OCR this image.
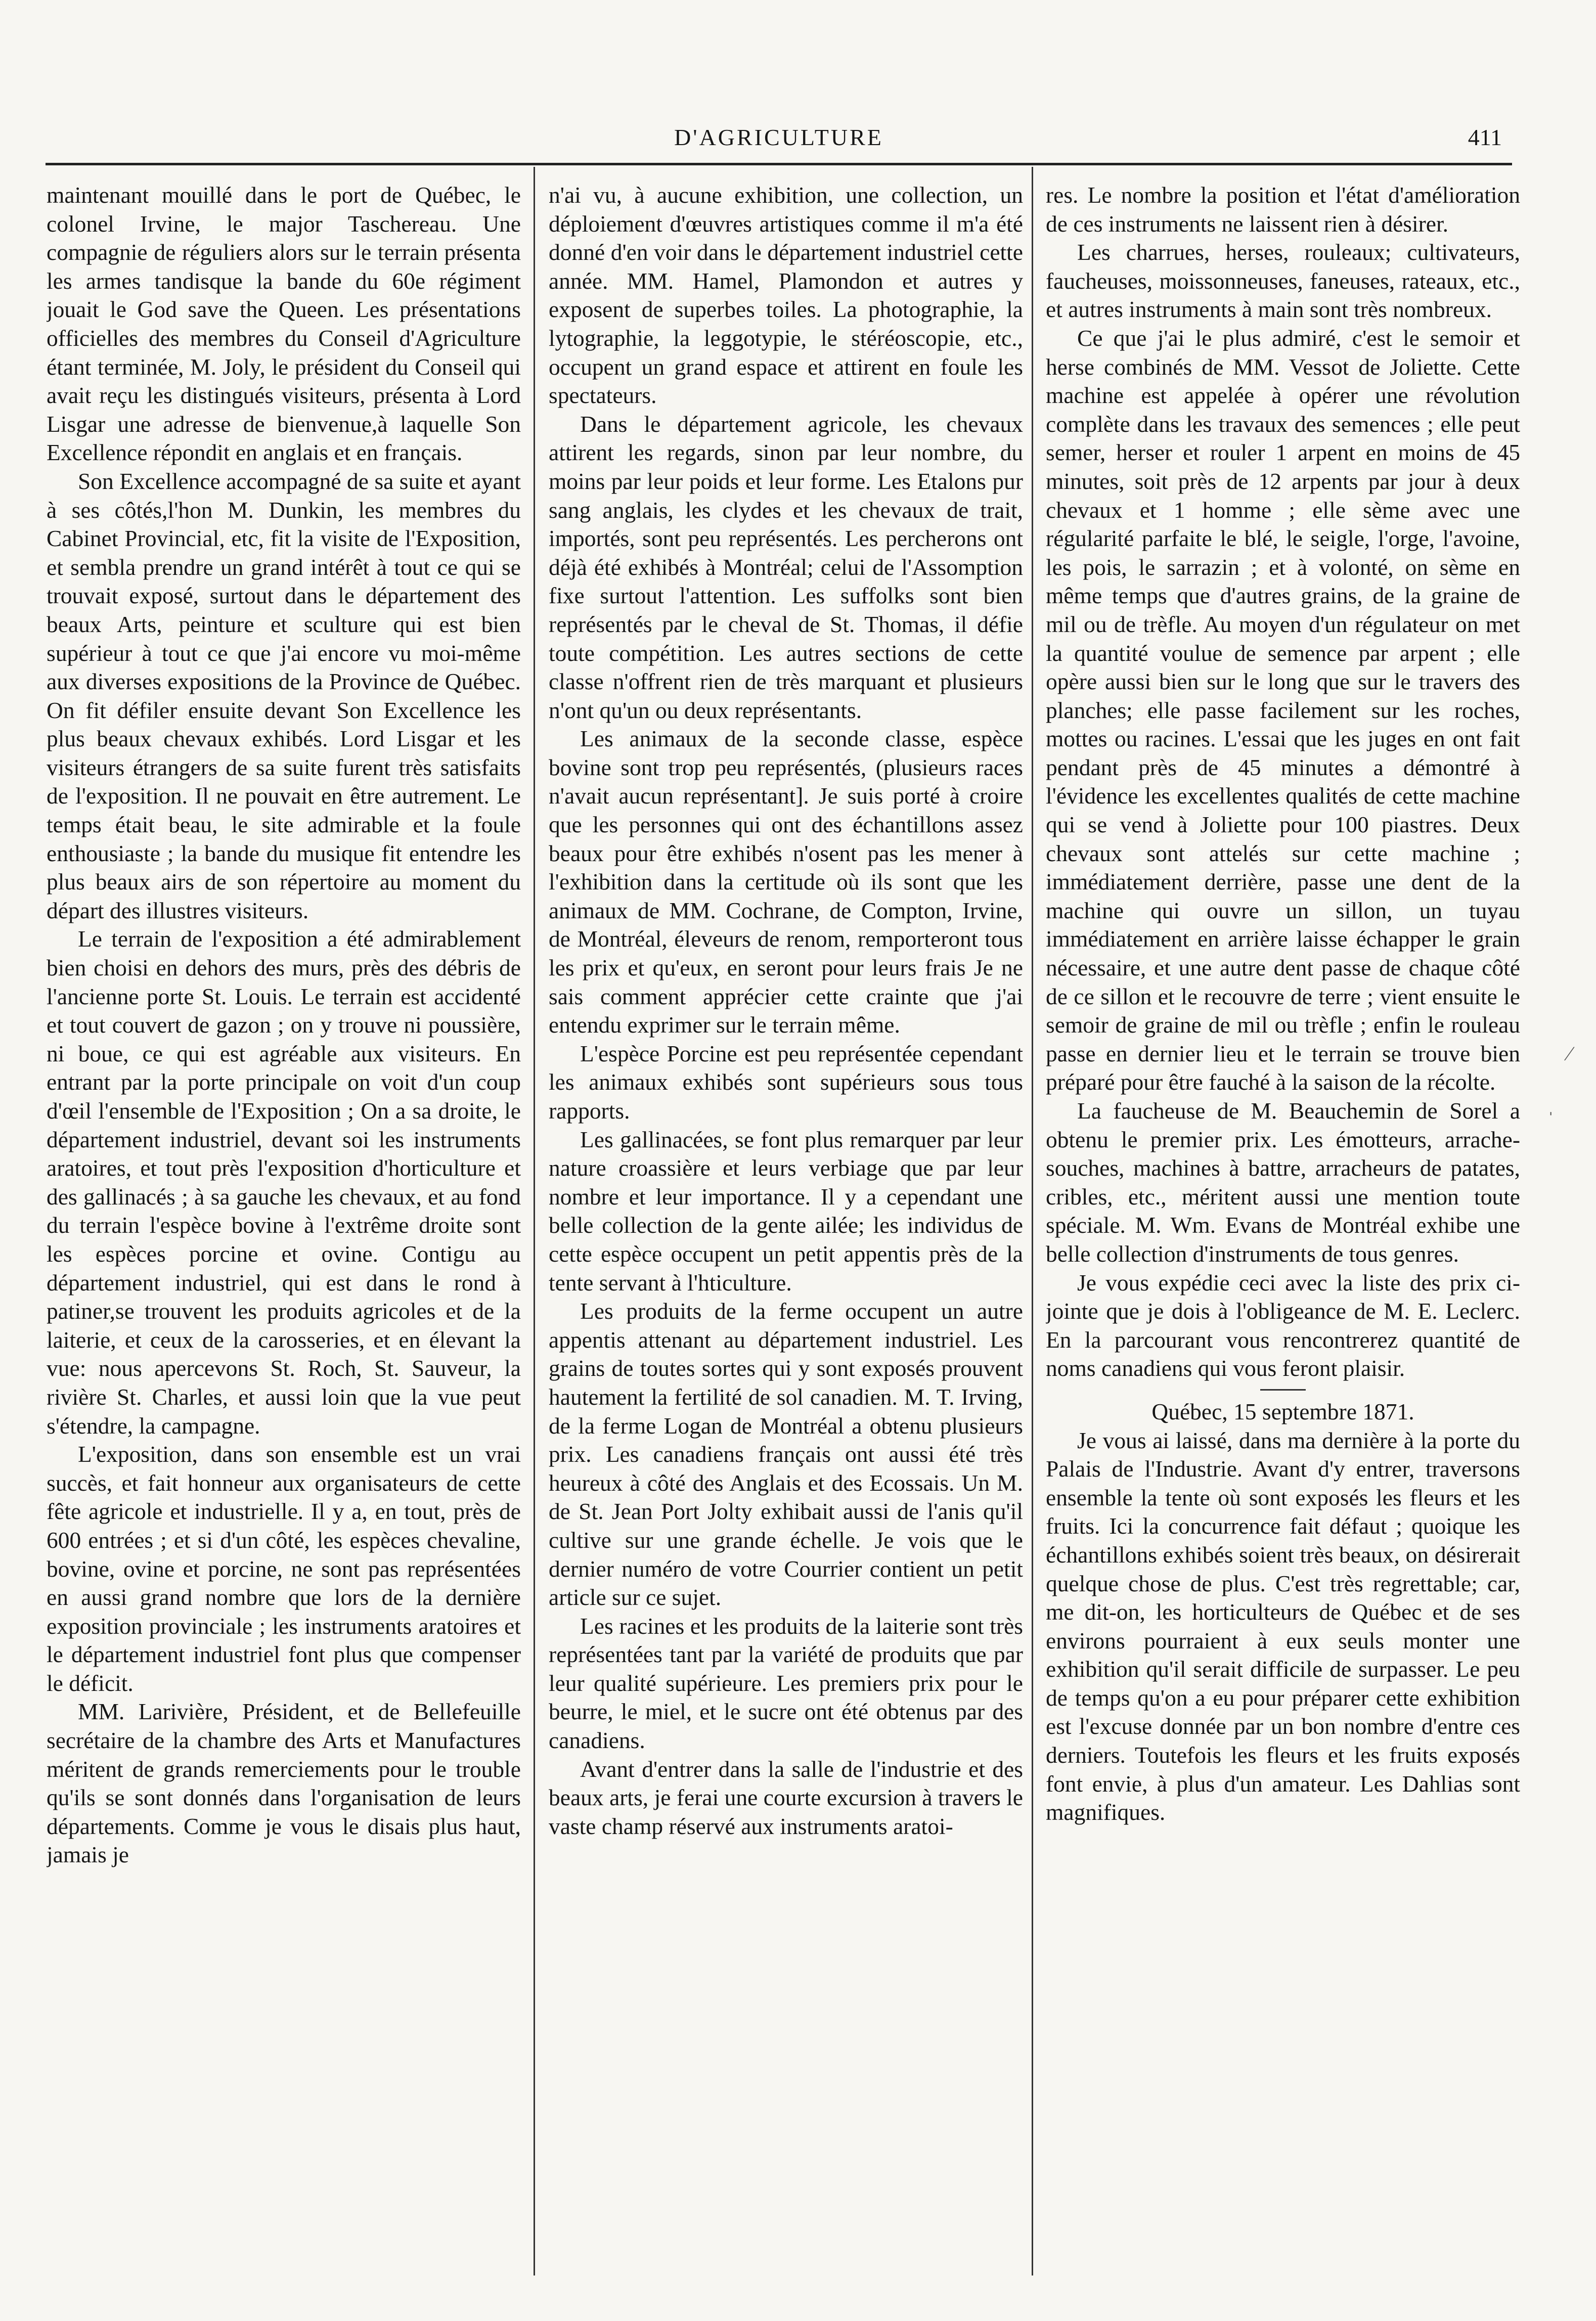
D'AGRICULTURE	411

maintenant mouillé dans le port de Québec, le colonel Irvine, le major Taschereau. Une compagnie de réguliers alors sur le terrain présenta les armes tandisque la bande du 60e régiment jouait le God save the Queen. Les présentations officielles des membres du Conseil d'Agriculture étant terminée, M. Joly, le président du Conseil qui avait reçu les distingués visiteurs, présenta à Lord Lisgar une adresse de bienvenue,à laquelle Son Excellence répondit en anglais et en français.

Son Excellence accompagné de sa suite et ayant à ses côtés,l'hon M. Dunkin, les membres du Cabinet Provincial, etc, fit la visite de l'Exposition, et sembla prendre un grand intérêt à tout ce qui se trouvait exposé, surtout dans le département des beaux Arts, peinture et sculture qui est bien supérieur à tout ce que j'ai encore vu moi-même aux diverses expositions de la Province de Québec. On fit défiler ensuite devant Son Excellence les plus beaux chevaux exhibés. Lord Lisgar et les visiteurs étrangers de sa suite furent très satisfaits de l'exposition. Il ne pouvait en être autrement. Le temps était beau, le site admirable et la foule enthousiaste ; la bande du musique fit entendre les plus beaux airs de son répertoire au moment du départ des illustres visiteurs.

Le terrain de l'exposition a été admirablement bien choisi en dehors des murs, près des débris de l'ancienne porte St. Louis. Le terrain est accidenté et tout couvert de gazon ; on y trouve ni poussière, ni boue, ce qui est agréable aux visiteurs. En entrant par la porte principale on voit d'un coup d'œil l'ensemble de l'Exposition ; On a sa droite, le département industriel, devant soi les instruments aratoires, et tout près l'exposition d'horticulture et des gallinacés ; à sa gauche les chevaux, et au fond du terrain l'espèce bovine à l'extrême droite sont les espèces porcine et ovine. Contigu au département industriel, qui est dans le rond à patiner,se trouvent les produits agricoles et de la laiterie, et ceux de la carosseries, et en élevant la vue: nous apercevons St. Roch, St. Sauveur, la rivière St. Charles, et aussi loin que la vue peut s'étendre, la campagne.

L'exposition, dans son ensemble est un vrai succès, et fait honneur aux organisateurs de cette fête agricole et industrielle. Il y a, en tout, près de 600 entrées ; et si d'un côté, les espèces chevaline, bovine, ovine et porcine, ne sont pas représentées en aussi grand nombre que lors de la dernière exposition provinciale ; les instruments aratoires et le département industriel font plus que compenser le déficit.

MM. Larivière, Président, et de Bellefeuille secrétaire de la chambre des Arts et Manufactures méritent de grands remerciements pour le trouble qu'ils se sont donnés dans l'organisation de leurs départements. Comme je vous le disais plus haut, jamais je

n'ai vu, à aucune exhibition, une collection, un déploiement d'œuvres artistiques comme il m'a été donné d'en voir dans le département industriel cette année. MM. Hamel, Plamondon et autres y exposent de superbes toiles. La photographie, la lytographie, la leggotypie, le stéréoscopie, etc., occupent un grand espace et attirent en foule les spectateurs.

Dans le département agricole, les chevaux attirent les regards, sinon par leur nombre, du moins par leur poids et leur forme. Les Etalons pur sang anglais, les clydes et les chevaux de trait, importés, sont peu représentés. Les percherons ont déjà été exhibés à Montréal; celui de l'Assomption fixe surtout l'attention. Les suffolks sont bien représentés par le cheval de St. Thomas, il défie toute compétition. Les autres sections de cette classe n'offrent rien de très marquant et plusieurs n'ont qu'un ou deux représentants.

Les animaux de la seconde classe, espèce bovine sont trop peu représentés, (plusieurs races n'avait aucun représentant]. Je suis porté à croire que les personnes qui ont des échantillons assez beaux pour être exhibés n'osent pas les mener à l'exhibition dans la certitude où ils sont que les animaux de MM. Cochrane, de Compton, Irvine, de Montréal, éleveurs de renom, remporteront tous les prix et qu'eux, en seront pour leurs frais Je ne sais comment apprécier cette crainte que j'ai entendu exprimer sur le terrain même.

L'espèce Porcine est peu représentée cependant les animaux exhibés sont supérieurs sous tous rapports.

Les gallinacées, se font plus remarquer par leur nature croassière et leurs verbiage que par leur nombre et leur importance. Il y a cependant une belle collection de la gente ailée; les individus de cette espèce occupent un petit appentis près de la tente servant à l'hticulture.

Les produits de la ferme occupent un autre appentis attenant au département industriel. Les grains de toutes sortes qui y sont exposés prouvent hautement la fertilité de sol canadien. M. T. Irving, de la ferme Logan de Montréal a obtenu plusieurs prix. Les canadiens français ont aussi été très heureux à côté des Anglais et des Ecossais. Un M. de St. Jean Port Jolty exhibait aussi de l'anis qu'il cultive sur une grande échelle. Je vois que le dernier numéro de votre Courrier contient un petit article sur ce sujet.

Les racines et les produits de la laiterie sont très représentées tant par la variété de produits que par leur qualité supérieure. Les premiers prix pour le beurre, le miel, et le sucre ont été obtenus par des canadiens.

Avant d'entrer dans la salle de l'industrie et des beaux arts, je ferai une courte excursion à travers le vaste champ réservé aux instruments aratoi-

res. Le nombre la position et l'état d'amélioration de ces instruments ne laissent rien à désirer.

Les charrues, herses, rouleaux; cultivateurs, faucheuses, moissonneuses, faneuses, rateaux, etc., et autres instruments à main sont très nombreux.

Ce que j'ai le plus admiré, c'est le semoir et herse combinés de MM. Vessot de Joliette. Cette machine est appelée à opérer une révolution complète dans les travaux des semences ; elle peut semer, herser et rouler 1 arpent en moins de 45 minutes, soit près de 12 arpents par jour à deux chevaux et 1 homme ; elle sème avec une régularité parfaite le blé, le seigle, l'orge, l'avoine, les pois, le sarrazin ; et à volonté, on sème en même temps que d'autres grains, de la graine de mil ou de trèfle. Au moyen d'un régulateur on met la quantité voulue de semence par arpent ; elle opère aussi bien sur le long que sur le travers des planches; elle passe facilement sur les roches, mottes ou racines. L'essai que les juges en ont fait pendant près de 45 minutes a démontré à l'évidence les excellentes qualités de cette machine qui se vend à Joliette pour 100 piastres. Deux chevaux sont attelés sur cette machine ; immédiatement derrière, passe une dent de la machine qui ouvre un sillon, un tuyau immédiatement en arrière laisse échapper le grain nécessaire, et une autre dent passe de chaque côté de ce sillon et le recouvre de terre ; vient ensuite le semoir de graine de mil ou trèfle ; enfin le rouleau passe en dernier lieu et le terrain se trouve bien préparé pour être fauché à la saison de la récolte.

La faucheuse de M. Beauchemin de Sorel a obtenu le premier prix. Les émotteurs, arrache-souches, machines à battre, arracheurs de patates, cribles, etc., méritent aussi une mention toute spéciale. M. Wm. Evans de Montréal exhibe une belle collection d'instruments de tous genres.

Je vous expédie ceci avec la liste des prix ci-jointe que je dois à l'obligeance de M. E. Leclerc. En la parcourant vous rencontrerez quantité de noms canadiens qui vous feront plaisir.

Québec, 15 septembre 1871.

Je vous ai laissé, dans ma dernière à la porte du Palais de l'Industrie. Avant d'y entrer, traversons ensemble la tente où sont exposés les fleurs et les fruits. Ici la concurrence fait défaut ; quoique les échantillons exhibés soient très beaux, on désirerait quelque chose de plus. C'est très regrettable; car, me dit-on, les horticulteurs de Québec et de ses environs pourraient à eux seuls monter une exhibition qu'il serait difficile de surpasser. Le peu de temps qu'on a eu pour préparer cette exhibition est l'excuse donnée par un bon nombre d'entre ces derniers. Toutefois les fleurs et les fruits exposés font envie, à plus d'un amateur. Les Dahlias sont magnifiques.

⁄
ˌ
